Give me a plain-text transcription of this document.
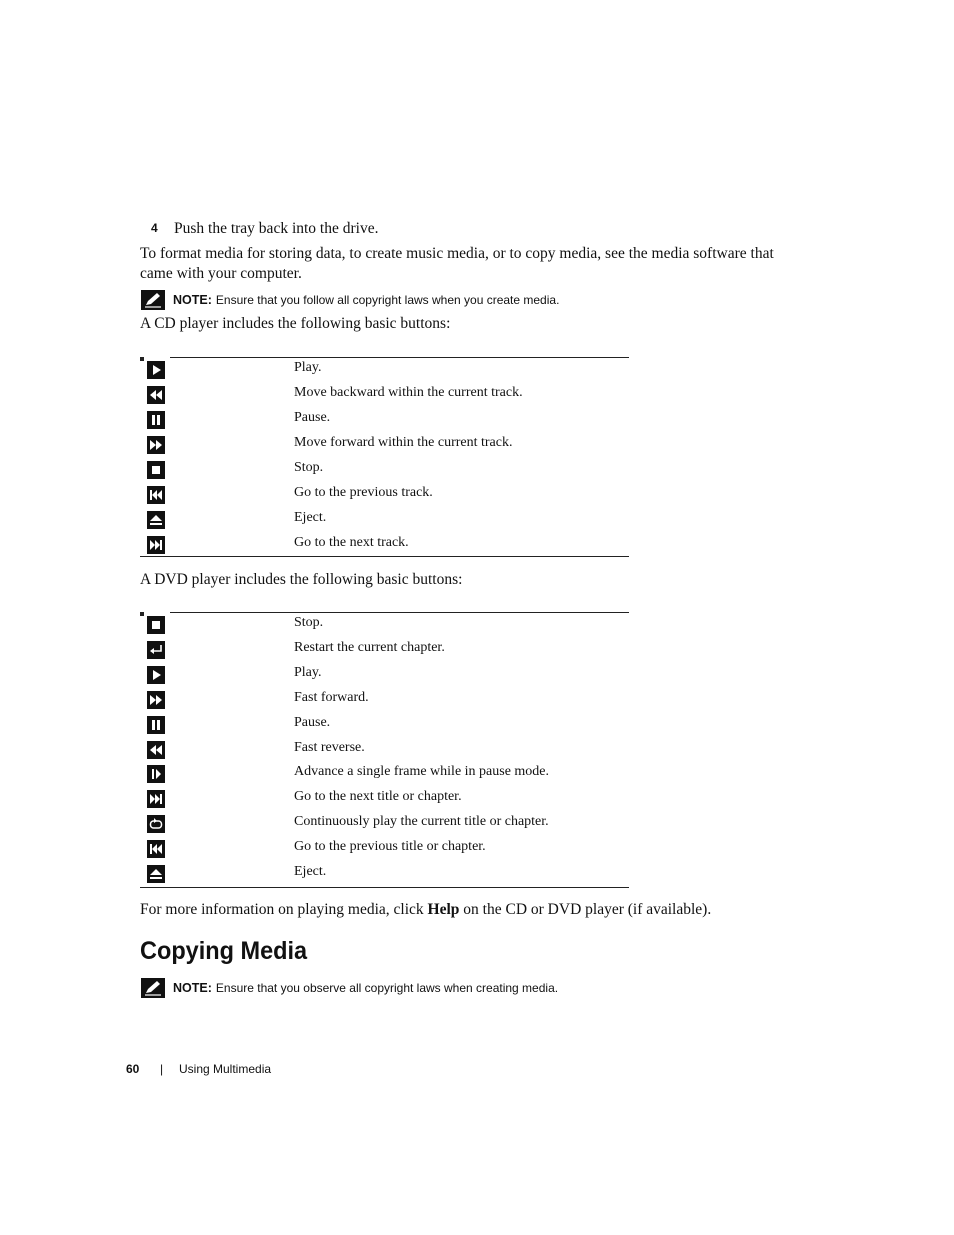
4 Push the tray back into the drive.
To format media for storing data, to create music media, or to copy media, see the media software that came with your computer.
NOTE: Ensure that you follow all copyright laws when you create media.
A CD player includes the following basic buttons:
Play.
Move backward within the current track.
Pause.
Move forward within the current track.
Stop.
Go to the previous track.
Eject.
Go to the next track.
A DVD player includes the following basic buttons:
Stop.
Restart the current chapter.
Play.
Fast forward.
Pause.
Fast reverse.
Advance a single frame while in pause mode.
Go to the next title or chapter.
Continuously play the current title or chapter.
Go to the previous title or chapter.
Eject.
For more information on playing media, click Help on the CD or DVD player (if available).
Copying Media
NOTE: Ensure that you observe all copyright laws when creating media.
60 | Using Multimedia
